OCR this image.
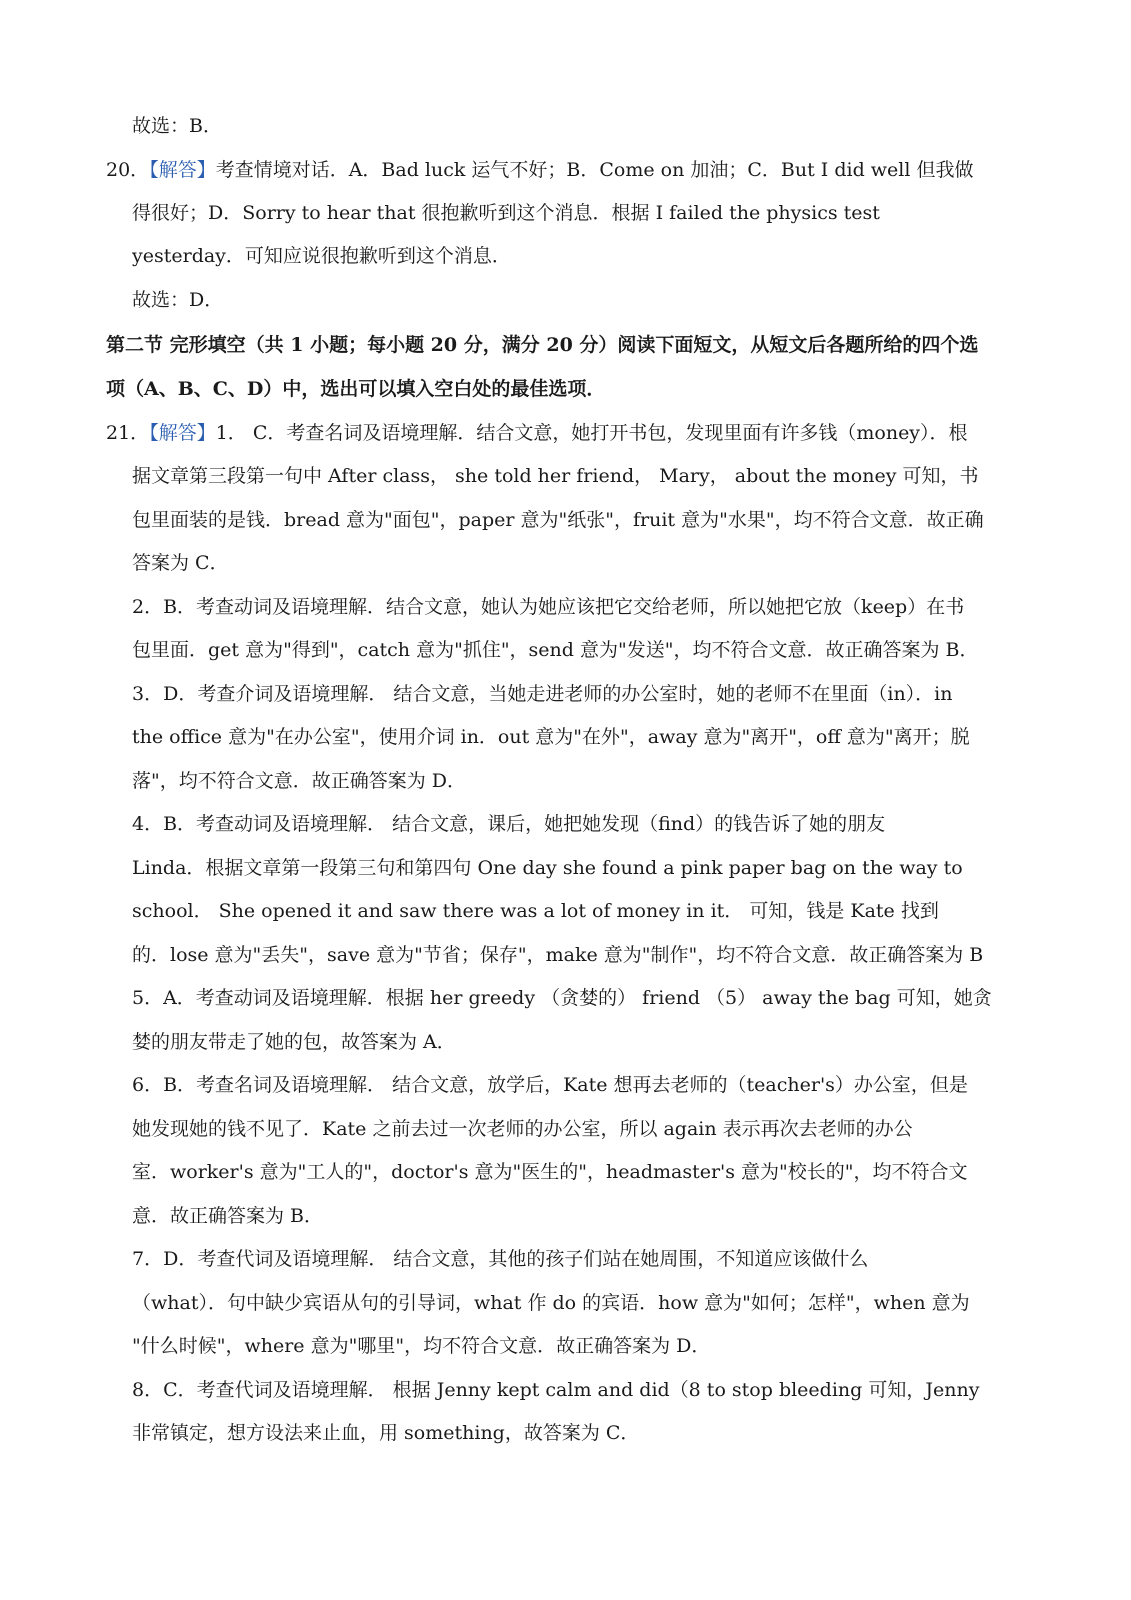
故选：B．
20．【解答】考查情境对话．A．Bad luck 运气不好；B．Come on 加油；C．But I did well 但我做
得很好；D．Sorry to hear that 很抱歉听到这个消息．根据 I failed the physics test
yesterday．可知应说很抱歉听到这个消息．
故选：D．
第二节 完形填空（共 1 小题；每小题 20 分，满分 20 分）阅读下面短文，从短文后各题所给的四个选
项（A、B、C、D）中，选出可以填入空白处的最佳选项．
21．【解答】1． C．考查名词及语境理解．结合文意，她打开书包，发现里面有许多钱（money）．根
据文章第三段第一句中 After class， she told her friend， Mary， about the money 可知，书
包里面装的是钱．bread 意为"面包"，paper 意为"纸张"，fruit 意为"水果"，均不符合文意．故正确
答案为 C．
2．B．考查动词及语境理解．结合文意，她认为她应该把它交给老师，所以她把它放（keep）在书
包里面．get 意为"得到"，catch 意为"抓住"，send 意为"发送"，均不符合文意．故正确答案为 B．
3．D．考查介词及语境理解． 结合文意，当她走进老师的办公室时，她的老师不在里面（in）．in
the office 意为"在办公室"，使用介词 in．out 意为"在外"，away 意为"离开"，off 意为"离开；脱
落"，均不符合文意．故正确答案为 D．
4．B．考查动词及语境理解． 结合文意，课后，她把她发现（find）的钱告诉了她的朋友
Linda．根据文章第一段第三句和第四句 One day she found a pink paper bag on the way to
school． She opened it and saw there was a lot of money in it． 可知，钱是 Kate 找到
的．lose 意为"丢失"，save 意为"节省；保存"，make 意为"制作"，均不符合文意．故正确答案为 B
5．A．考查动词及语境理解．根据 her greedy （贪婪的） friend （5） away the bag 可知，她贪
婪的朋友带走了她的包，故答案为 A．
6．B．考查名词及语境理解． 结合文意，放学后，Kate 想再去老师的（teacher's）办公室，但是
她发现她的钱不见了．Kate 之前去过一次老师的办公室，所以 again 表示再次去老师的办公
室．worker's 意为"工人的"，doctor's 意为"医生的"，headmaster's 意为"校长的"，均不符合文
意．故正确答案为 B．
7．D．考查代词及语境理解． 结合文意，其他的孩子们站在她周围，不知道应该做什么
（what）．句中缺少宾语从句的引导词，what 作 do 的宾语．how 意为"如何；怎样"，when 意为
"什么时候"，where 意为"哪里"，均不符合文意．故正确答案为 D．
8．C．考查代词及语境理解． 根据 Jenny kept calm and did（8 to stop bleeding 可知，Jenny
非常镇定，想方设法来止血，用 something，故答案为 C．
